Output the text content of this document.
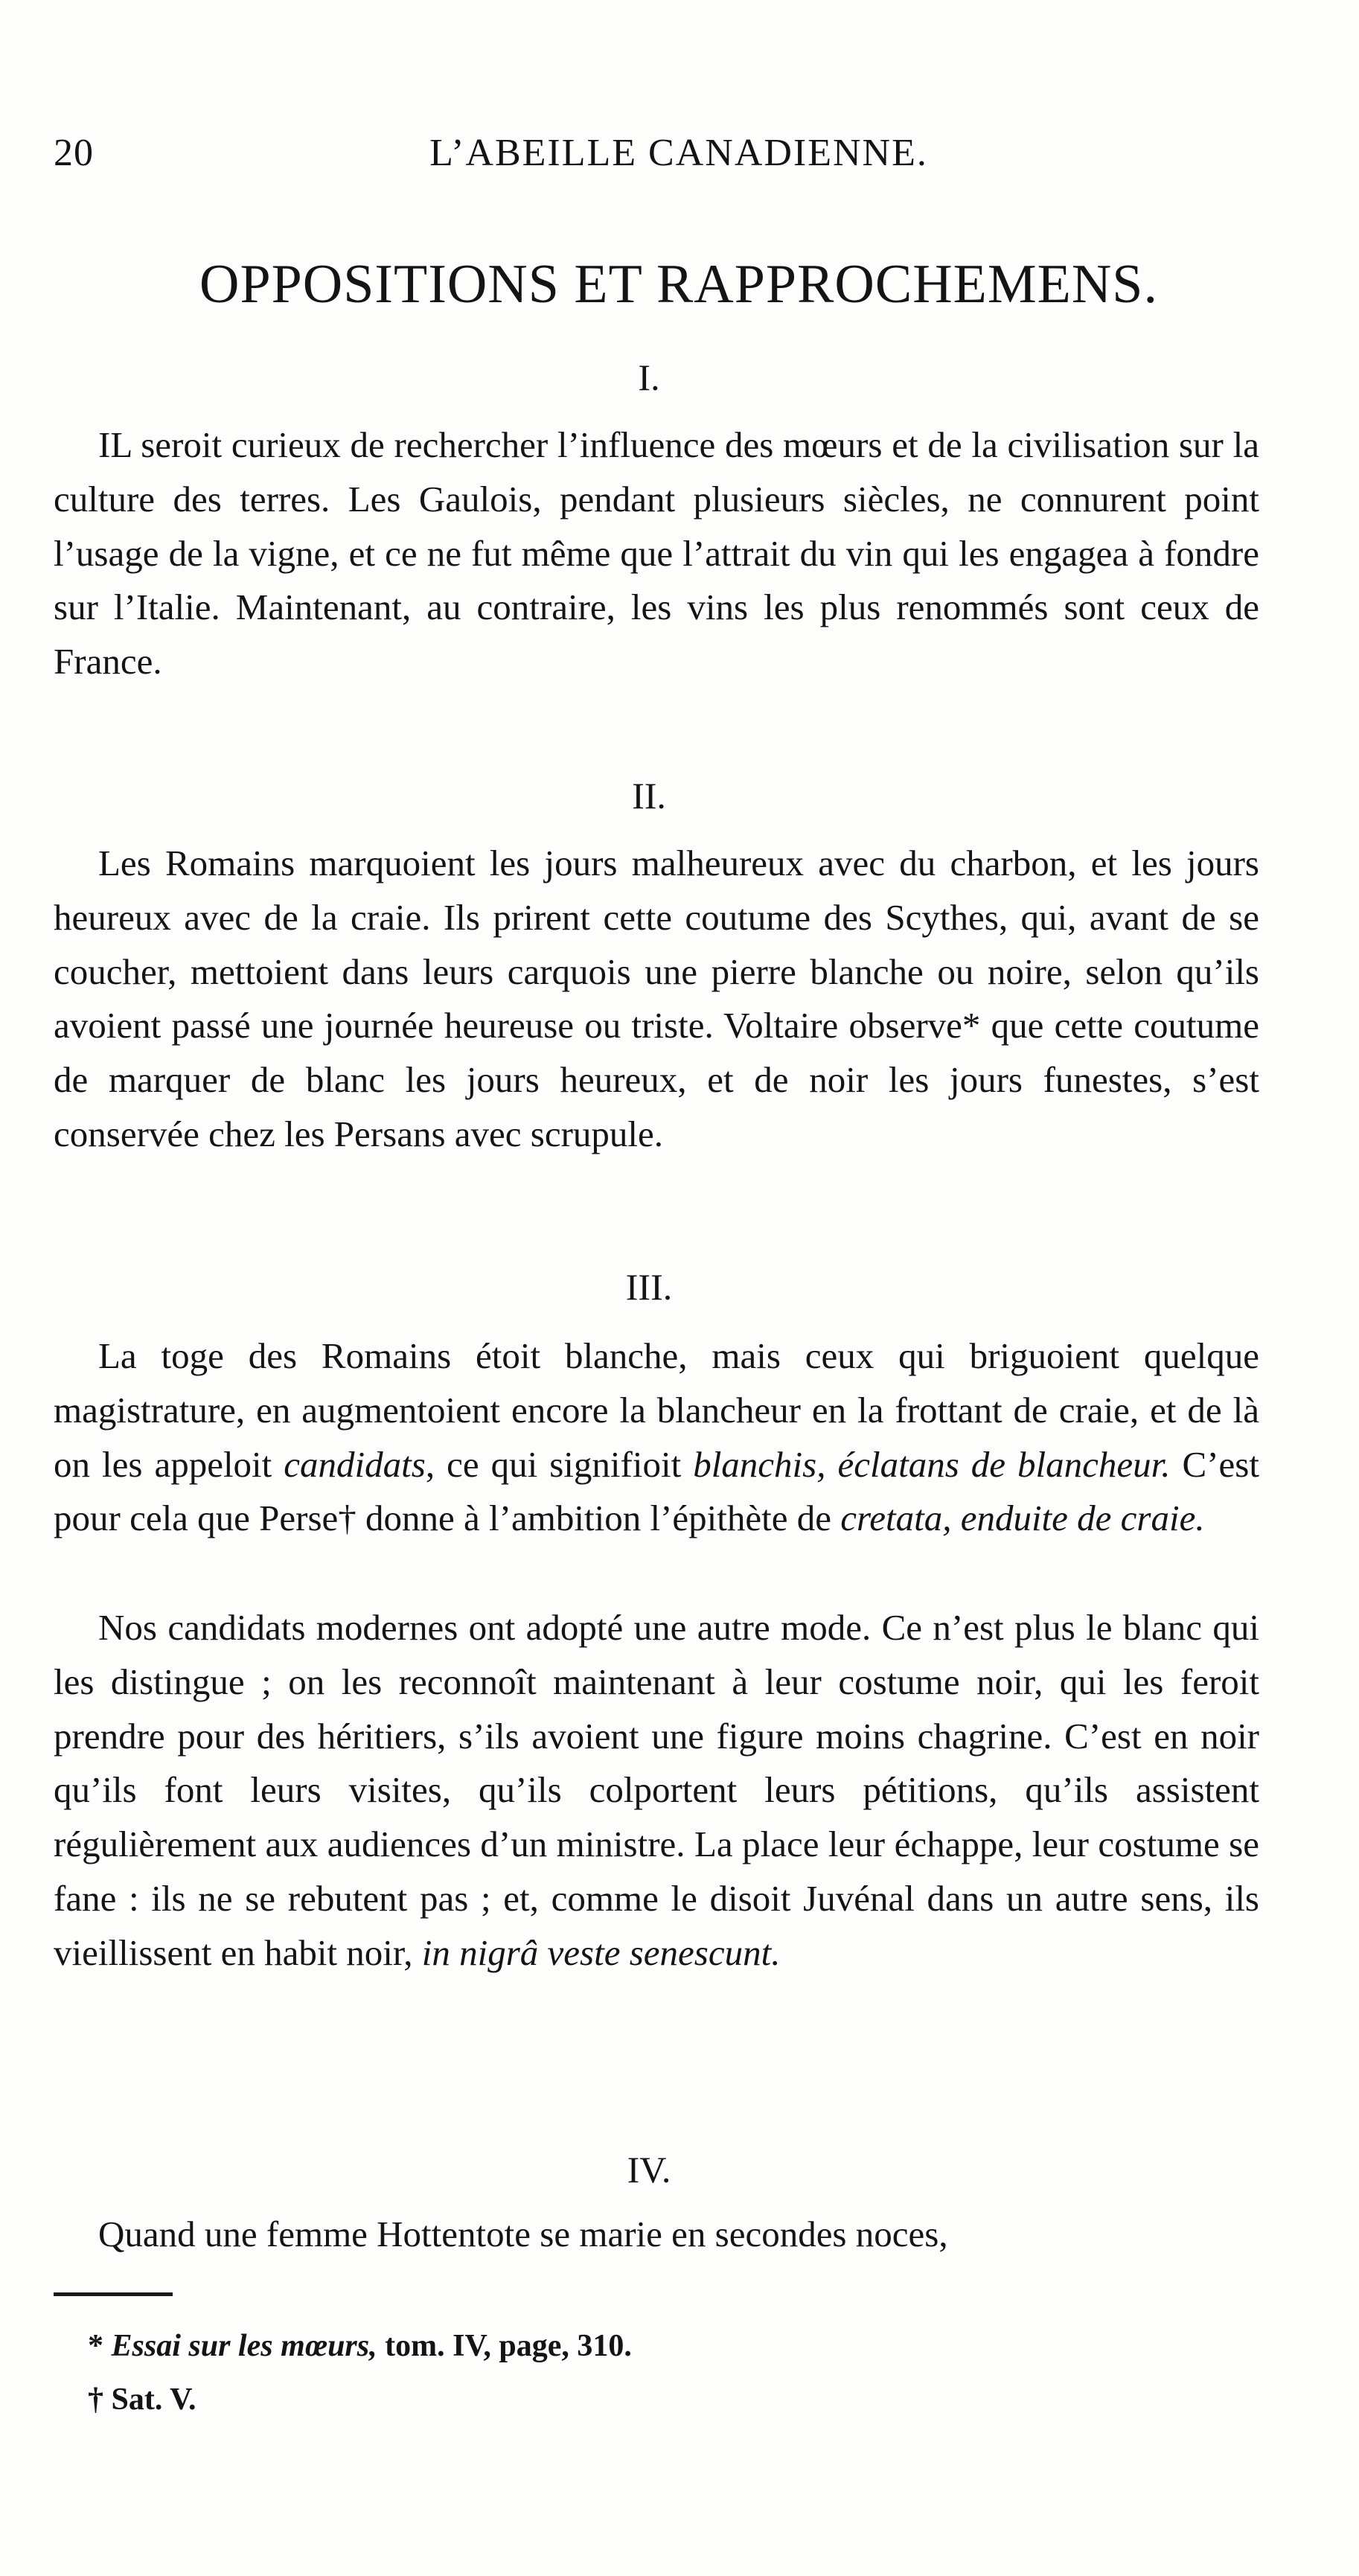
20	L’ABEILLE CANADIENNE.
OPPOSITIONS ET RAPPROCHEMENS.
I.

IL seroit curieux de rechercher l’influence des mœurs et de la civilisation sur la culture des terres. Les Gaulois, pendant plusieurs siècles, ne connurent point l’usage de la vigne, et ce ne fut même que l’attrait du vin qui les engagea à fondre sur l’Italie. Maintenant, au contraire, les vins les plus renommés sont ceux de France.

II.

Les Romains marquoient les jours malheureux avec du charbon, et les jours heureux avec de la craie. Ils prirent cette coutume des Scythes, qui, avant de se coucher, mettoient dans leurs carquois une pierre blanche ou noire, selon qu’ils avoient passé une journée heureuse ou triste. Voltaire observe* que cette coutume de marquer de blanc les jours heureux, et de noir les jours funestes, s’est conservée chez les Persans avec scrupule.

III.

La toge des Romains étoit blanche, mais ceux qui briguoient quelque magistrature, en augmentoient encore la blancheur en la frottant de craie, et de là on les appeloit candidats, ce qui signifioit blanchis, éclatans de blancheur. C’est pour cela que Perse† donne à l’ambition l’épithète de cretata, enduite de craie.

Nos candidats modernes ont adopté une autre mode. Ce n’est plus le blanc qui les distingue ; on les reconnoît maintenant à leur costume noir, qui les feroit prendre pour des héritiers, s’ils avoient une figure moins chagrine. C’est en noir qu’ils font leurs visites, qu’ils colportent leurs pétitions, qu’ils assistent régulièrement aux audiences d’un ministre. La place leur échappe, leur costume se fane : ils ne se rebutent pas ; et, comme le disoit Juvénal dans un autre sens, ils vieillissent en habit noir, in nigrâ veste senescunt.

IV.

Quand une femme Hottentote se marie en secondes noces,

* Essai sur les mœurs, tom. IV, page, 310.
† Sat. V.
